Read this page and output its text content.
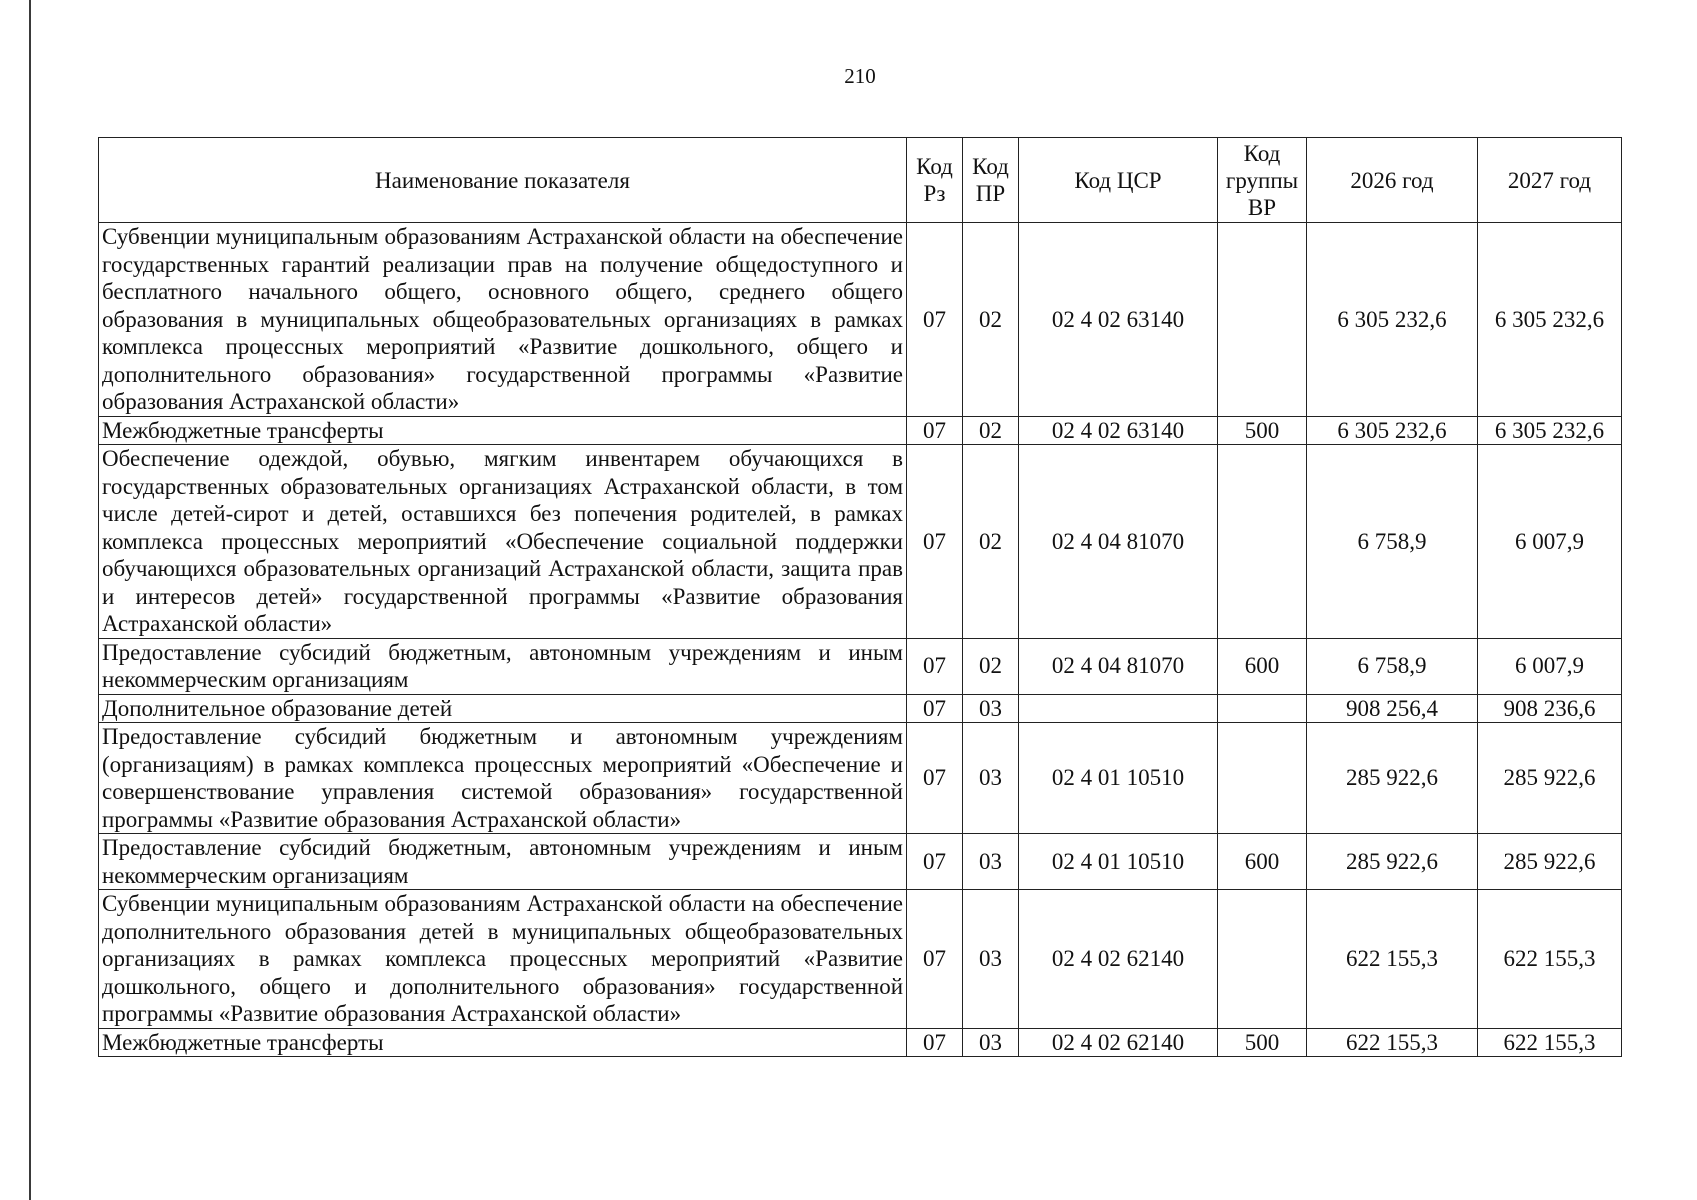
210
Наименование показателя	Код Рз	Код ПР	Код ЦСР	Код группы ВР	2026 год	2027 год
Субвенции муниципальным образованиям Астраханской области на обеспечение государственных гарантий реализации прав на получение общедоступного и бесплатного начального общего, основного общего, среднего общего образования в муниципальных общеобразовательных организациях в рамках комплекса процессных мероприятий «Развитие дошкольного, общего и дополнительного образования» государственной программы «Развитие образования Астраханской области»	07	02	02 4 02 63140		6 305 232,6	6 305 232,6
Межбюджетные трансферты	07	02	02 4 02 63140	500	6 305 232,6	6 305 232,6
Обеспечение одеждой, обувью, мягким инвентарем обучающихся в государственных образовательных организациях Астраханской области, в том числе детей-сирот и детей, оставшихся без попечения родителей, в рамках комплекса процессных мероприятий «Обеспечение социальной поддержки обучающихся образовательных организаций Астраханской области, защита прав и интересов детей» государственной программы «Развитие образования Астраханской области»	07	02	02 4 04 81070		6 758,9	6 007,9
Предоставление субсидий бюджетным, автономным учреждениям и иным некоммерческим организациям	07	02	02 4 04 81070	600	6 758,9	6 007,9
Дополнительное образование детей	07	03			908 256,4	908 236,6
Предоставление субсидий бюджетным и автономным учреждениям (организациям) в рамках комплекса процессных мероприятий «Обеспечение и совершенствование управления системой образования» государственной программы «Развитие образования Астраханской области»	07	03	02 4 01 10510		285 922,6	285 922,6
Предоставление субсидий бюджетным, автономным учреждениям и иным некоммерческим организациям	07	03	02 4 01 10510	600	285 922,6	285 922,6
Субвенции муниципальным образованиям Астраханской области на обеспечение дополнительного образования детей в муниципальных общеобразовательных организациях в рамках комплекса процессных мероприятий «Развитие дошкольного, общего и дополнительного образования» государственной программы «Развитие образования Астраханской области»	07	03	02 4 02 62140		622 155,3	622 155,3
Межбюджетные трансферты	07	03	02 4 02 62140	500	622 155,3	622 155,3
